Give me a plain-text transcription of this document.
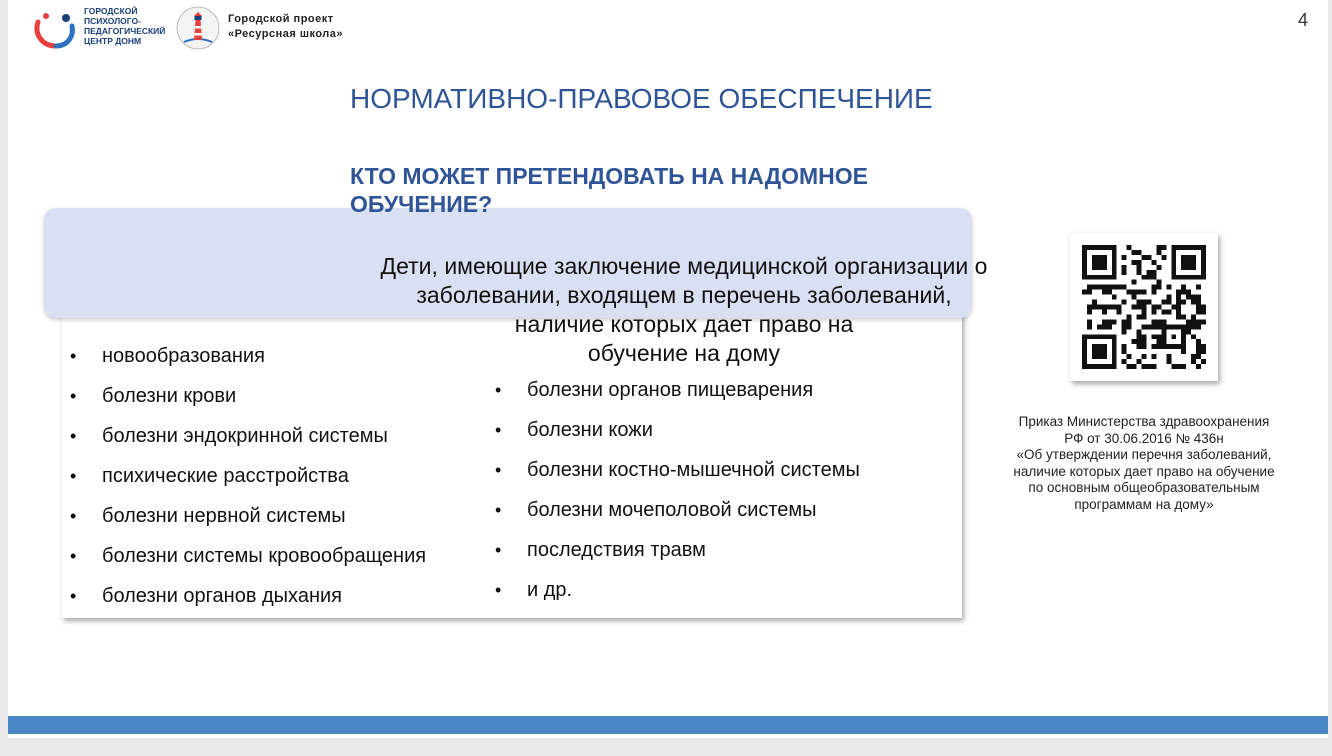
ГОРОДСКОЙ
ПСИХОЛОГО-
ПЕДАГОГИЧЕСКИЙ
ЦЕНТР ДОНМ
Городской проект
«Ресурсная школа»
4
НОРМАТИВНО-ПРАВОВОЕ ОБЕСПЕЧЕНИЕ
• новообразования
• болезни крови
• болезни эндокринной системы
• психические расстройства
• болезни нервной системы
• болезни системы кровообращения
• болезни органов дыхания
• болезни органов пищеварения
• болезни кожи
• болезни костно-мышечной системы
• болезни мочеполовой системы
• последствия травм
• и др.
КТО МОЖЕТ ПРЕТЕНДОВАТЬ НА НАДОМНОЕ ОБУЧЕНИЕ?
Дети, имеющие заключение медицинской организации о
заболевании, входящем в перечень заболеваний,
наличие которых дает право на
обучение на дому
Приказ Министерства здравоохранения
РФ от 30.06.2016 № 436н
«Об утверждении перечня заболеваний,
наличие которых дает право на обучение
по основным общеобразовательным
программам на дому»
